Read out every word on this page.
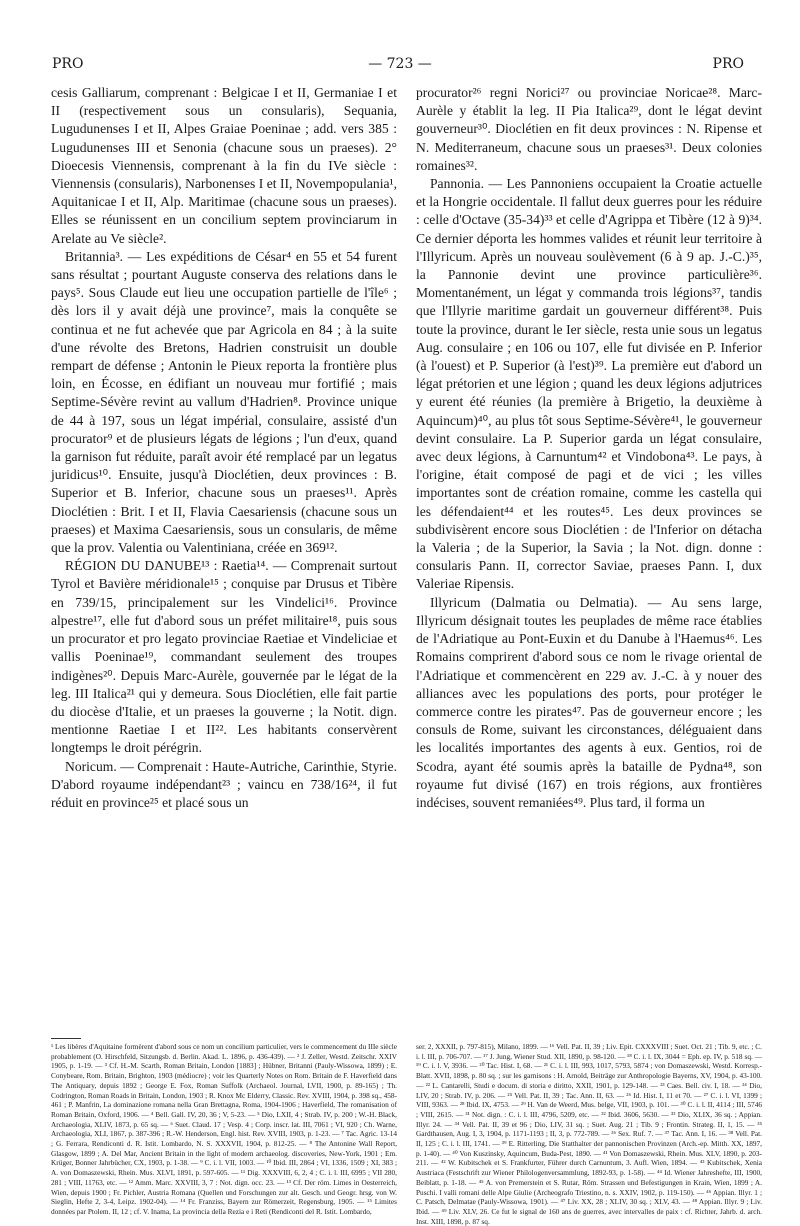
PRO	— 723 —	PRO

cesis Galliarum, comprenant : Belgicae I et II, Germaniae I et II (respectivement sous un consularis), Sequania, Lugudunenses I et II, Alpes Graiae Poeninae ; add. vers 385 : Lugudunenses III et Senonia (chacune sous un praeses). 2° Dioecesis Viennensis, comprenant à la fin du IVe siècle : Viennensis (consularis), Narbonenses I et II, Novempopulania¹, Aquitanicae I et II, Alp. Maritimae (chacune sous un praeses). Elles se réunissent en un concilium septem provinciarum in Arelate au Ve siècle².

Britannia³. — Les expéditions de César⁴ en 55 et 54 furent sans résultat ; pourtant Auguste conserva des relations dans le pays⁵. Sous Claude eut lieu une occupation partielle de l'île⁶ ; dès lors il y avait déjà une province⁷, mais la conquête se continua et ne fut achevée que par Agricola en 84 ; à la suite d'une révolte des Bretons, Hadrien construisit un double rempart de défense ; Antonin le Pieux reporta la frontière plus loin, en Écosse, en édifiant un nouveau mur fortifié ; mais Septime-Sévère revint au vallum d'Hadrien⁸. Province unique de 44 à 197, sous un légat impérial, consulaire, assisté d'un procurator⁹ et de plusieurs légats de légions ; l'un d'eux, quand la garnison fut réduite, paraît avoir été remplacé par un legatus juridicus¹⁰. Ensuite, jusqu'à Dioclétien, deux provinces : B. Superior et B. Inferior, chacune sous un praeses¹¹. Après Dioclétien : Brit. I et II, Flavia Caesariensis (chacune sous un praeses) et Maxima Caesariensis, sous un consularis, de même que la prov. Valentia ou Valentiniana, créée en 369¹².

RÉGION DU DANUBE¹³ : Raetia¹⁴. — Comprenait surtout Tyrol et Bavière méridionale¹⁵ ; conquise par Drusus et Tibère en 739/15, principalement sur les Vindelici¹⁶. Province alpestre¹⁷, elle fut d'abord sous un préfet militaire¹⁸, puis sous un procurator et pro legato provinciae Raetiae et Vindeliciae et vallis Poeninae¹⁹, commandant seulement des troupes indigènes²⁰. Depuis Marc-Aurèle, gouvernée par le légat de la leg. III Italica²¹ qui y demeura. Sous Dioclétien, elle fait partie du diocèse d'Italie, et un praeses la gouverne ; la Notit. dign. mentionne Raetiae I et II²². Les habitants conservèrent longtemps le droit pérégrin.

Noricum. — Comprenait : Haute-Autriche, Carinthie, Styrie. D'abord royaume indépendant²³ ; vaincu en 738/16²⁴, il fut réduit en province²⁵ et placé sous un

procurator²⁶ regni Norici²⁷ ou provinciae Noricae²⁸. Marc-Aurèle y établit la leg. II Pia Italica²⁹, dont le légat devint gouverneur³⁰. Dioclétien en fit deux provinces : N. Ripense et N. Mediterraneum, chacune sous un praeses³¹. Deux colonies romaines³².

Pannonia. — Les Pannoniens occupaient la Croatie actuelle et la Hongrie occidentale. Il fallut deux guerres pour les réduire : celle d'Octave (35-34)³³ et celle d'Agrippa et Tibère (12 à 9)³⁴. Ce dernier déporta les hommes valides et réunit leur territoire à l'Illyricum. Après un nouveau soulèvement (6 à 9 ap. J.-C.)³⁵, la Pannonie devint une province particulière³⁶. Momentanément, un légat y commanda trois légions³⁷, tandis que l'Illyrie maritime gardait un gouverneur différent³⁸. Puis toute la province, durant le Ier siècle, resta unie sous un legatus Aug. consulaire ; en 106 ou 107, elle fut divisée en P. Inferior (à l'ouest) et P. Superior (à l'est)³⁹. La première eut d'abord un légat prétorien et une légion ; quand les deux légions adjutrices y eurent été réunies (la première à Brigetio, la deuxième à Aquincum)⁴⁰, au plus tôt sous Septime-Sévère⁴¹, le gouverneur devint consulaire. La P. Superior garda un légat consulaire, avec deux légions, à Carnuntum⁴² et Vindobona⁴³. Le pays, à l'origine, était composé de pagi et de vici ; les villes importantes sont de création romaine, comme les castella qui les défendaient⁴⁴ et les routes⁴⁵. Les deux provinces se subdivisèrent encore sous Dioclétien : de l'Inferior on détacha la Valeria ; de la Superior, la Savia ; la Not. dign. donne : consularis Pann. II, corrector Saviae, praeses Pann. I, dux Valeriae Ripensis.

Illyricum (Dalmatia ou Delmatia). — Au sens large, Illyricum désignait toutes les peuplades de même race établies de l'Adriatique au Pont-Euxin et du Danube à l'Haemus⁴⁶. Les Romains comprirent d'abord sous ce nom le rivage oriental de l'Adriatique et commencèrent en 229 av. J.-C. à y nouer des alliances avec les populations des ports, pour protéger le commerce contre les pirates⁴⁷. Pas de gouverneur encore ; les consuls de Rome, suivant les circonstances, déléguaient dans les localités importantes des agents à eux. Gentios, roi de Scodra, ayant été soumis après la bataille de Pydna⁴⁸, son royaume fut divisé (167) en trois régions, aux frontières indécises, souvent remaniées⁴⁹. Plus tard, il forma un

¹ Les libères d'Aquitaine formèrent d'abord sous ce nom un concilium particulier, vers le commencement du IIIe siècle probablement (O. Hirschfeld, Sitzungsb. d. Berlin. Akad. L. 1896, p. 436-439). — ² J. Zeller, Westd. Zeitschr. XXIV 1905, p. 1-19. — ³ Cf. H.-M. Scarth, Roman Britain, London [1883] ; Hübner, Britanni (Pauly-Wissowa, 1899) ; E. Conybeare, Rom. Britain, Brighton, 1903 (médiocre) ; voir les Quarterly Notes on Rom. Britain de F. Haverfield dans The Antiquary, depuis 1892 ; George E. Fox, Roman Suffolk (Archaeol. Journal, LVII, 1900, p. 89-165) ; Th. Codrington, Roman Roads in Britain, London, 1903 ; R. Knox Mc Elderry, Classic. Rev. XVIII, 1904, p. 398 sq., 458-461 ; P. Manfrin, La dominazione romana nella Gran Brettagna, Roma, 1904-1906 ; Haverfield, The romanisation of Roman Britain, Oxford, 1906. — ⁴ Bell. Gall. IV, 20, 36 ; V, 5-23. — ⁵ Dio, LXII, 4 ; Strab. IV, p. 200 ; W.-H. Black, Archaeologia, XLIV, 1873, p. 65 sq. — ⁶ Suet. Claud. 17 ; Vesp. 4 ; Corp. inscr. lat. III, 7061 ; VI, 920 ; Ch. Warne, Archaeologia, XLI, 1867, p. 387-396 ; R.-W. Henderson, Engl. hist. Rev. XVIII, 1903, p. 1-23. — ⁷ Tac. Agric. 13-14 ; G. Ferrara, Rendiconti d. R. Istit. Lombardo, N. S. XXXVII, 1904, p. 812-25. — ⁸ The Antonine Wall Report, Glasgow, 1899 ; A. Del Mar, Ancient Britain in the light of modern archaeolog. discoveries, New-York, 1901 ; Em. Krüger, Bonner Jahrbücher, CX, 1903, p. 1-38. — ⁹ C. i. l. VII, 1003. — ¹⁰ Ibid. III, 2864 ; VI, 1336, 1509 ; XI, 383 ; A. von Domaszewski, Rhein. Mus. XLVI, 1891, p. 597-605. — ¹¹ Dig. XXXVIII, 6, 2, 4 ; C. i. l. III, 6995 ; VII 280, 281 ; VIII, 11763, etc. — ¹² Amm. Marc. XXVIII, 3, 7 : Not. dign. occ. 23. — ¹³ Cf. Der röm. Limes in Oesterreich, Wien, depuis 1900 ; Fr. Pichler, Austria Romana (Quellen und Forschungen zur alt. Gesch. und Geogr. hrsg. von W. Sieglin, Hefte 2, 3-4, Leipz. 1902-04). — ¹⁴ Fr. Franziss, Bayern zur Römerzeit, Regensburg, 1905. — ¹⁵ Limites données par Ptolem. II, 12 ; cf. V. Inama, La provincia della Rezia e i Reti (Rendiconti del R. Istit. Lombardo,
ser. 2, XXXII, p. 797-815), Milano, 1899. — ¹⁶ Vell. Pat. II, 39 ; Liv. Epit. CXXXVIII ; Suet. Oct. 21 ; Tib. 9, etc. ; C. i. l. III, p. 706-707. — ¹⁷ J. Jung, Wiener Stud. XII, 1890, p. 98-120. — ¹⁸ C. i. l. IX, 3044 = Eph. ep. IV, p. 518 sq. — ¹⁹ C. i. l. V, 3936. — ²⁰ Tac. Hist. I, 68. — ²¹ C. i. l. III, 993, 1017, 5793, 5874 ; von Domaszewski, Westd. Korresp.-Blatt. XVII, 1898, p. 80 sq. ; sur les garnisons : H. Arnold, Beiträge zur Anthropologie Bayerns, XV, 1904, p. 43-100. — ²² L. Cantarelli, Studi e docum. di storia e diritto, XXII, 1901, p. 129-148. — ²³ Caes. Bell. civ. I, 18. — ²⁴ Dio, LIV, 20 ; Strab. IV, p. 206. — ²⁵ Vell. Pat. II, 39 ; Tac. Ann. II, 63. — ²⁶ Id. Hist. I, 11 et 70. — ²⁷ C. i. l. VI, 1399 ; VIII, 9363. — ²⁸ Ibid. IX, 4753. — ²⁹ H. Van de Weerd, Mus. belge, VII, 1903, p. 101. — ³⁰ C. i. l. II, 4114 ; III, 5746 ; VIII, 2615. — ³¹ Not. dign. : C. i. l. III, 4796, 5209, etc. — ³² Ibid. 3606, 5630. — ³³ Dio, XLIX, 36 sq. ; Appian. Illyr. 24. — ³⁴ Vell. Pat. II, 39 et 96 ; Dio, LIV, 31 sq. ; Suet. Aug. 21 ; Tib. 9 ; Frontin. Strateg. II, 1, 15. — ³⁵ Gardthausen, Aug. I, 3, 1904, p. 1171-1193 ; II, 3, p. 772-789. — ³⁶ Sex. Ruf. 7. — ³⁷ Tac. Ann. I, 16. — ³⁸ Vell. Pat. II, 125 ; C. i. l. III, 1741. — ³⁹ E. Ritterling, Die Statthalter der pannonischen Provinzen (Arch.-ep. Mitth. XX, 1897, p. 1-40). — ⁴⁰ Von Kuszinsky, Aquincum, Buda-Pest, 1890. — ⁴¹ Von Domaszewski, Rhein. Mus. XLV, 1890, p. 203-211. — ⁴² W. Kubitschek et S. Frankfurter, Führer durch Carnuntum, 3. Aufl. Wien, 1894. — ⁴³ Kubitschek, Xenia Austriaca (Festschrift zur Wiener Philologenversammlung, 1892-93, p. 1-58). — ⁴⁴ Id. Wiener Jahreshefte, III, 1900, Beiblatt, p. 1-18. — ⁴⁵ A. von Premerstein et S. Rutar, Röm. Strassen und Befestigungen in Krain, Wien, 1899 ; A. Puschi. I valli romani delle Alpe Giulie (Archeografo Triestino, n. s. XXIV, 1902, p. 119-150). — ⁴⁶ Appian. Illyr. 1 ; C. Patsch, Delmatae (Pauly-Wissowa, 1901). — ⁴⁷ Liv. XX, 28 ; XLIV, 30 sq. ; XLV, 43. — ⁴⁸ Appian. Illyr. 9 ; Liv. Ibid. — ⁴⁹ Liv. XLV, 26. Ce fut le signal de 160 ans de guerres, avec intervalles de paix : cf. Richter, Jahrb. d. arch. Inst. XIII, 1898, p. 87 sq.
